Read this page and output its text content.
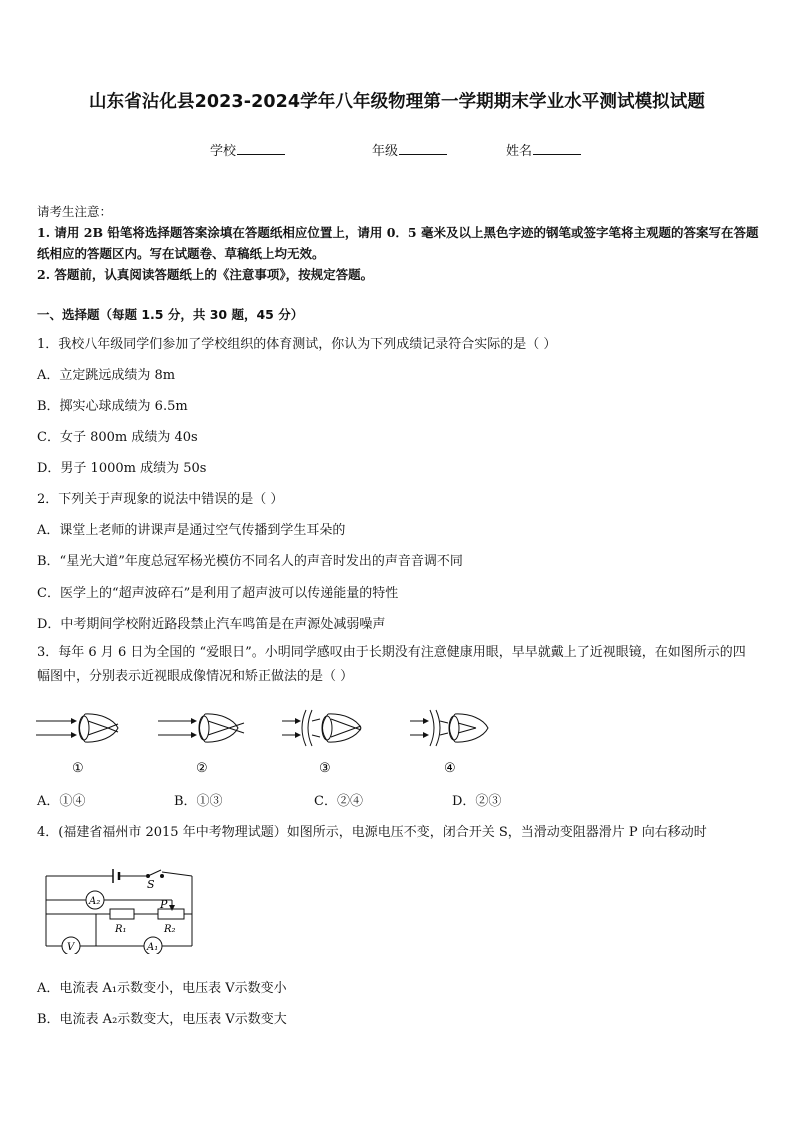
山东省沾化县2023-2024学年八年级物理第一学期期末学业水平测试模拟试题
学校	年级	姓名
请考生注意：
1. 请用 2B 铅笔将选择题答案涂填在答题纸相应位置上，请用 0．5 毫米及以上黑色字迹的钢笔或签字笔将主观题的答案写在答题纸相应的答题区内。写在试题卷、草稿纸上均无效。
2. 答题前，认真阅读答题纸上的《注意事项》，按规定答题。
一、选择题（每题 1.5 分，共 30 题，45 分）
1．我校八年级同学们参加了学校组织的体育测试，你认为下列成绩记录符合实际的是（ ）
A．立定跳远成绩为 8m
B．掷实心球成绩为 6.5m
C．女子 800m 成绩为 40s
D．男子 1000m 成绩为 50s
2．下列关于声现象的说法中错误的是（ ）
A．课堂上老师的讲课声是通过空气传播到学生耳朵的
B．“星光大道”年度总冠军杨光模仿不同名人的声音时发出的声音音调不同
C．医学上的“超声波碎石”是利用了超声波可以传递能量的特性
D．中考期间学校附近路段禁止汽车鸣笛是在声源处减弱噪声
3．每年 6 月 6 日为全国的 “爱眼日”。小明同学感叹由于长期没有注意健康用眼，早早就戴上了近视眼镜，在如图所示的四幅图中，分别表示近视眼成像情况和矫正做法的是（ ）
①	②	③	④
A．①④	B．①③	C．②④	D．②③
4．(福建省福州市 2015 年中考物理试题）如图所示，电源电压不变，闭合开关 S，当滑动变阻器滑片 P 向右移动时
S
A₂	P
R₁	R₂
V	A₁
A．电流表 A₁示数变小，电压表 V示数变小
B．电流表 A₂示数变大，电压表 V示数变大
